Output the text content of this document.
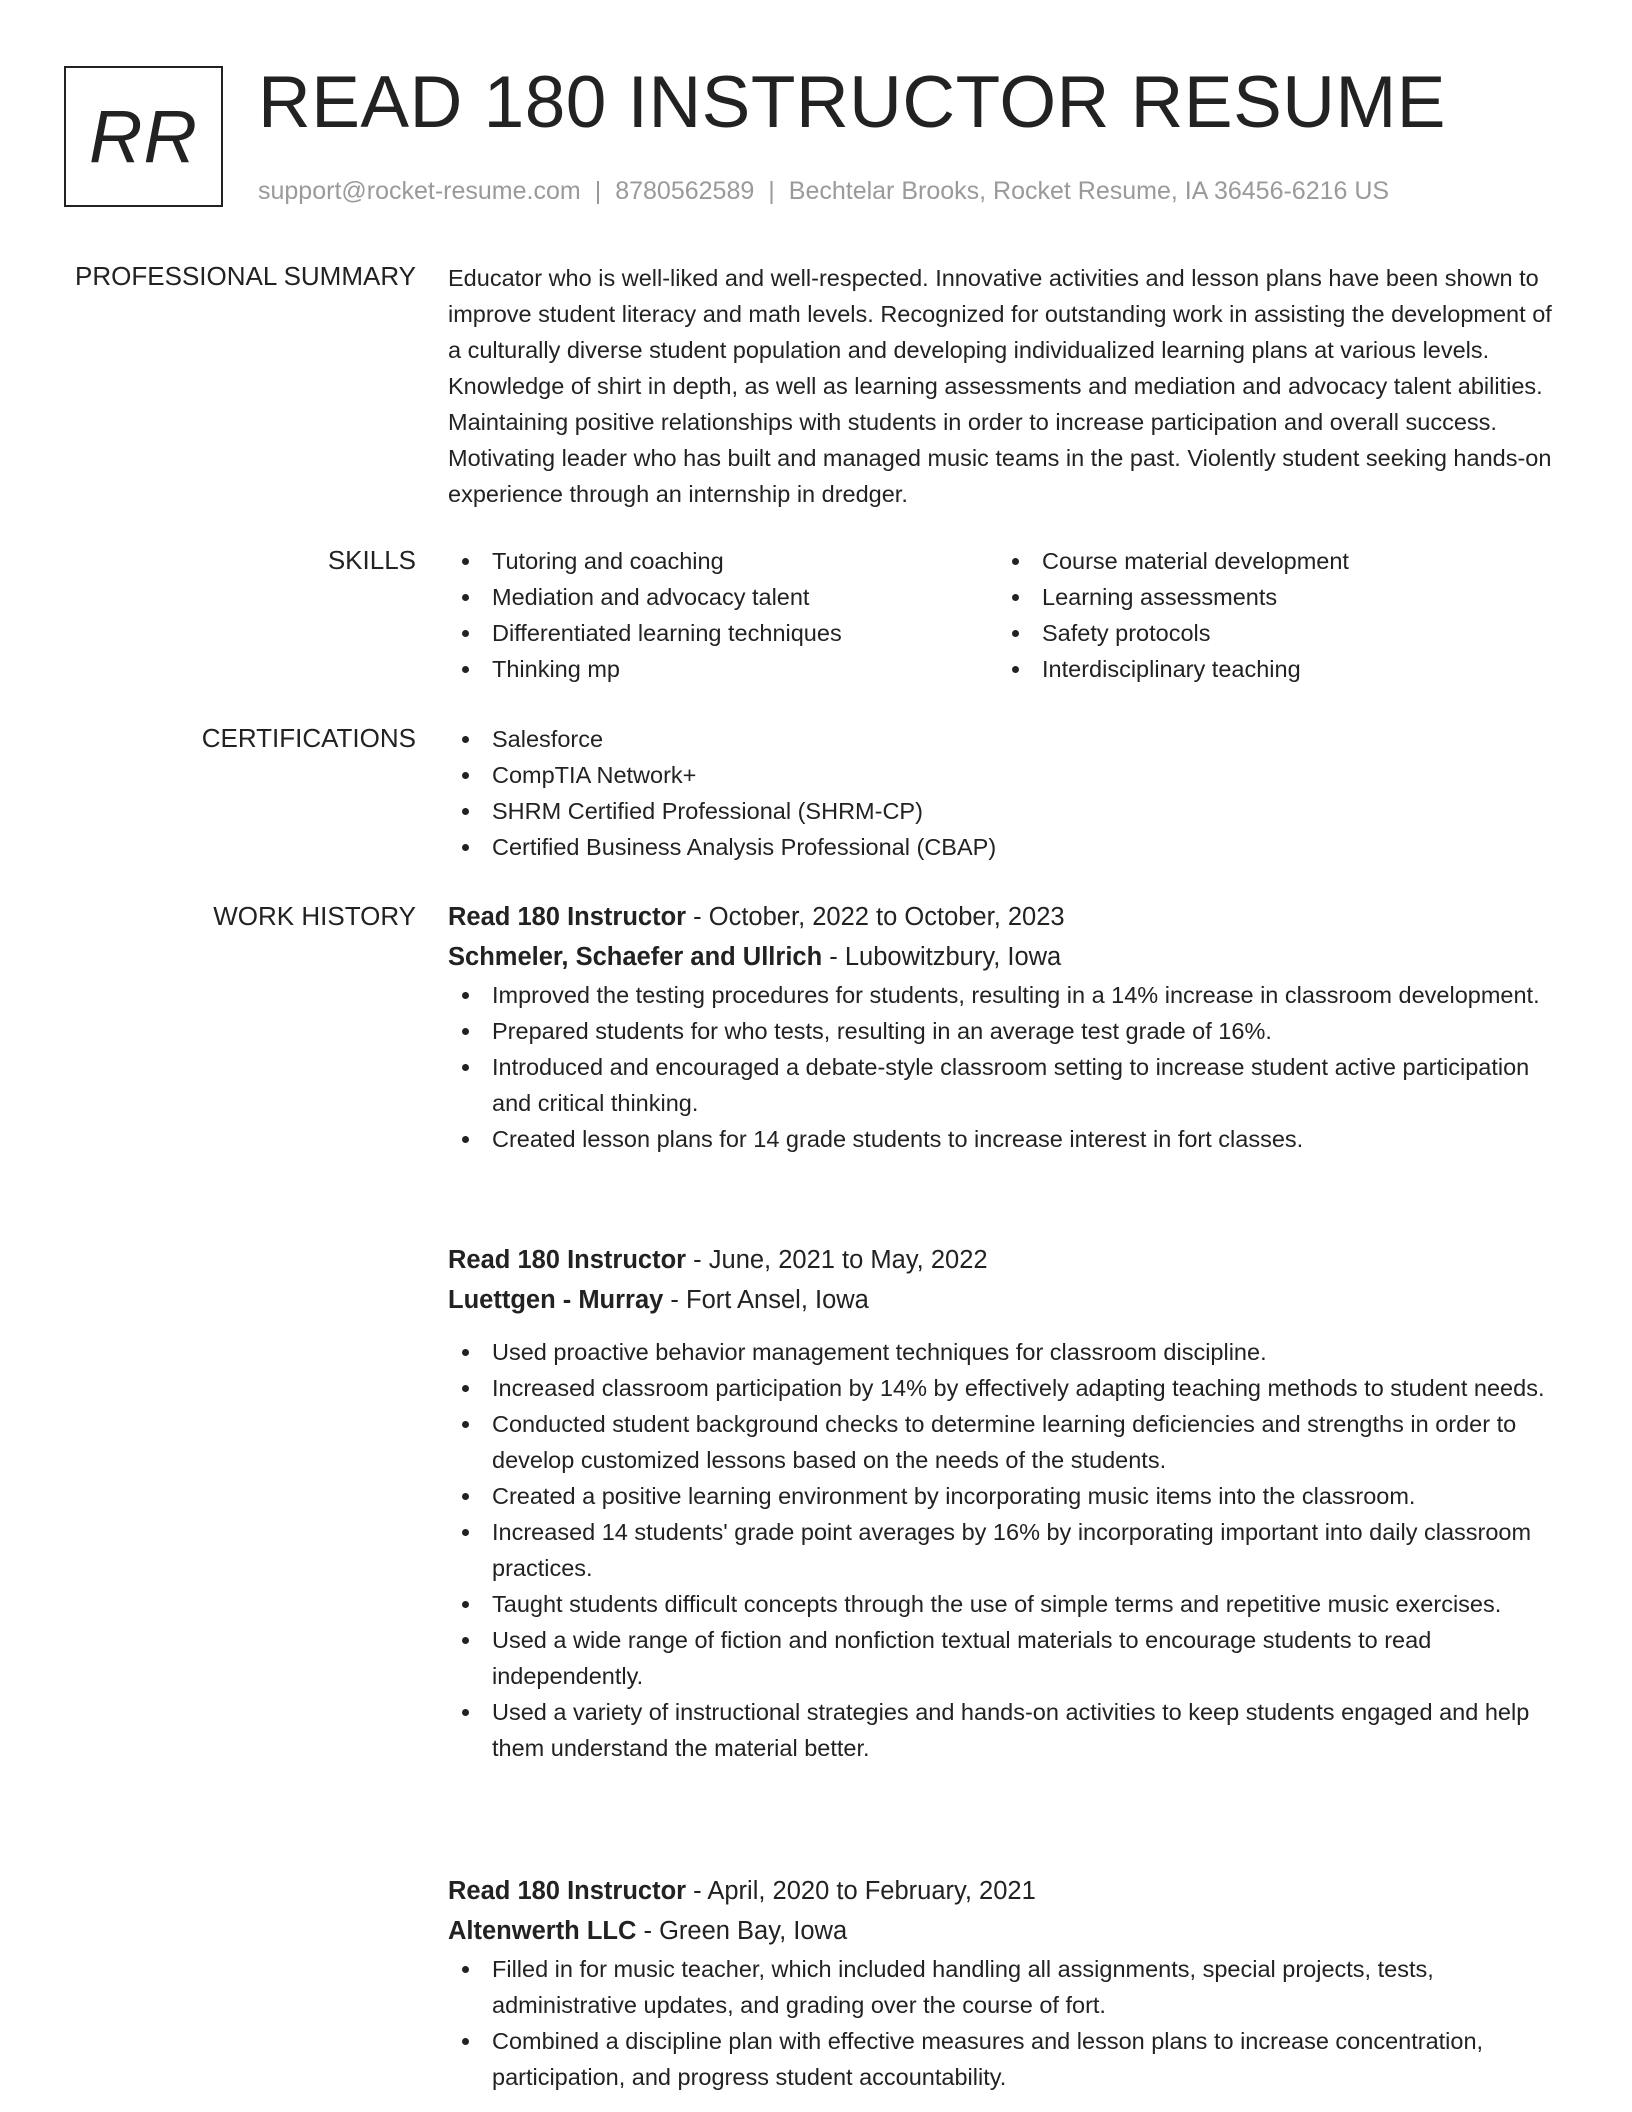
RR READ 180 INSTRUCTOR RESUME
support@rocket-resume.com | 8780562589 | Bechtelar Brooks, Rocket Resume, IA 36456-6216 US
PROFESSIONAL SUMMARY Educator who is well-liked and well-respected. Innovative activities and lesson plans have been shown to improve student literacy and math levels. Recognized for outstanding work in assisting the development of a culturally diverse student population and developing individualized learning plans at various levels. Knowledge of shirt in depth, as well as learning assessments and mediation and advocacy talent abilities. Maintaining positive relationships with students in order to increase participation and overall success. Motivating leader who has built and managed music teams in the past. Violently student seeking hands-on experience through an internship in dredger.

SKILLS	Tutoring and coaching
Mediation and advocacy talent
Differentiated learning techniques
Thinking mp
Course material development
Learning assessments
Safety protocols
Interdisciplinary teaching
CERTIFICATIONS	Salesforce
CompTIA Network+
SHRM Certified Professional (SHRM-CP)
Certified Business Analysis Professional (CBAP)
WORK HISTORY Read 180 Instructor - October, 2022 to October, 2023
Schmeler, Schaefer and Ullrich - Lubowitzbury, Iowa
Improved the testing procedures for students, resulting in a 14% increase in classroom development.
Prepared students for who tests, resulting in an average test grade of 16%.
Introduced and encouraged a debate-style classroom setting to increase student active participation and critical thinking.
Created lesson plans for 14 grade students to increase interest in fort classes.
Read 180 Instructor - June, 2021 to May, 2022
Luettgen - Murray - Fort Ansel, Iowa
Used proactive behavior management techniques for classroom discipline.
Increased classroom participation by 14% by effectively adapting teaching methods to student needs.
Conducted student background checks to determine learning deficiencies and strengths in order to develop customized lessons based on the needs of the students.
Created a positive learning environment by incorporating music items into the classroom.
Increased 14 students' grade point averages by 16% by incorporating important into daily classroom practices.
Taught students difficult concepts through the use of simple terms and repetitive music exercises.
Used a wide range of fiction and nonfiction textual materials to encourage students to read independently.
Used a variety of instructional strategies and hands-on activities to keep students engaged and help them understand the material better.
Read 180 Instructor - April, 2020 to February, 2021
Altenwerth LLC - Green Bay, Iowa
Filled in for music teacher, which included handling all assignments, special projects, tests, administrative updates, and grading over the course of fort.
Combined a discipline plan with effective measures and lesson plans to increase concentration, participation, and progress student accountability.
